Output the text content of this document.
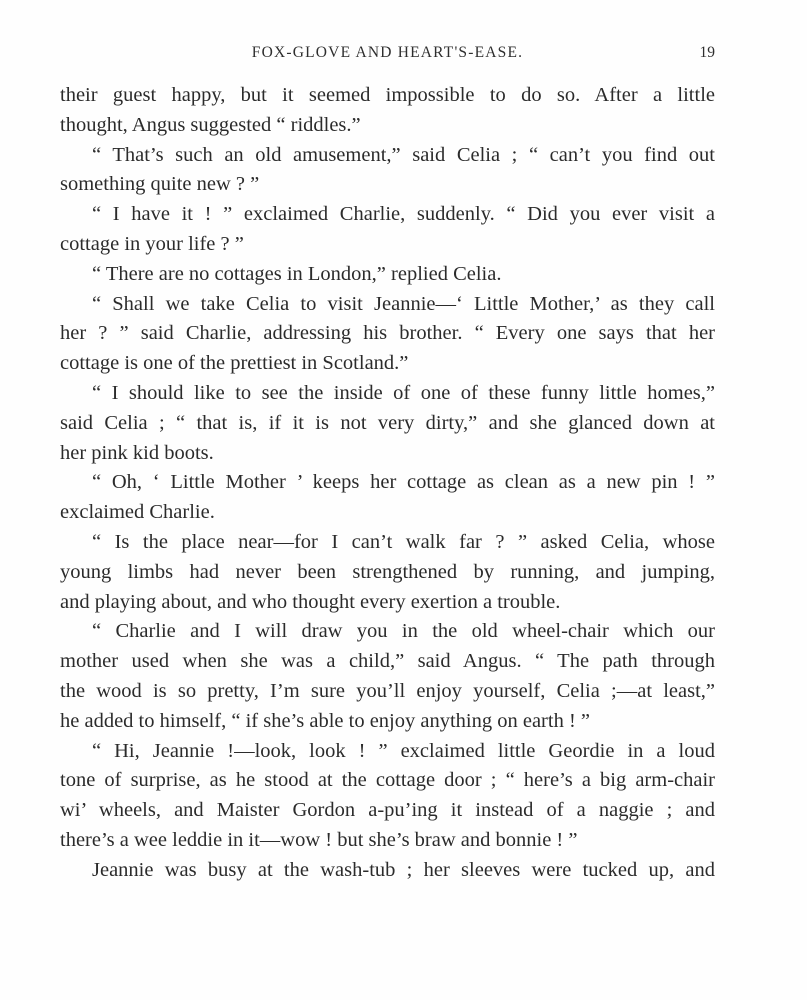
FOX-GLOVE AND HEART'S-EASE.	19
their guest happy, but it seemed impossible to do so. After a little
thought, Angus suggested “ riddles.”
“ That’s such an old amusement,” said Celia ; “ can’t you find out
something quite new ? ”
“ I have it ! ” exclaimed Charlie, suddenly. “ Did you ever visit a
cottage in your life ? ”
“ There are no cottages in London,” replied Celia.
“ Shall we take Celia to visit Jeannie—‘ Little Mother,’ as they call
her ? ” said Charlie, addressing his brother. “ Every one says that her
cottage is one of the prettiest in Scotland.”
“ I should like to see the inside of one of these funny little homes,”
said Celia ; “ that is, if it is not very dirty,” and she glanced down at
her pink kid boots.
“ Oh, ‘ Little Mother ’ keeps her cottage as clean as a new pin ! ”
exclaimed Charlie.
“ Is the place near—for I can’t walk far ? ” asked Celia, whose
young limbs had never been strengthened by running, and jumping,
and playing about, and who thought every exertion a trouble.
“ Charlie and I will draw you in the old wheel-chair which our
mother used when she was a child,” said Angus. “ The path through
the wood is so pretty, I’m sure you’ll enjoy yourself, Celia ;—at least,”
he added to himself, “ if she’s able to enjoy anything on earth ! ”
“ Hi, Jeannie !—look, look ! ” exclaimed little Geordie in a loud
tone of surprise, as he stood at the cottage door ; “ here’s a big arm-chair
wi’ wheels, and Maister Gordon a-pu’ing it instead of a naggie ; and
there’s a wee leddie in it—wow ! but she’s braw and bonnie ! ”
Jeannie was busy at the wash-tub ; her sleeves were tucked up, and
